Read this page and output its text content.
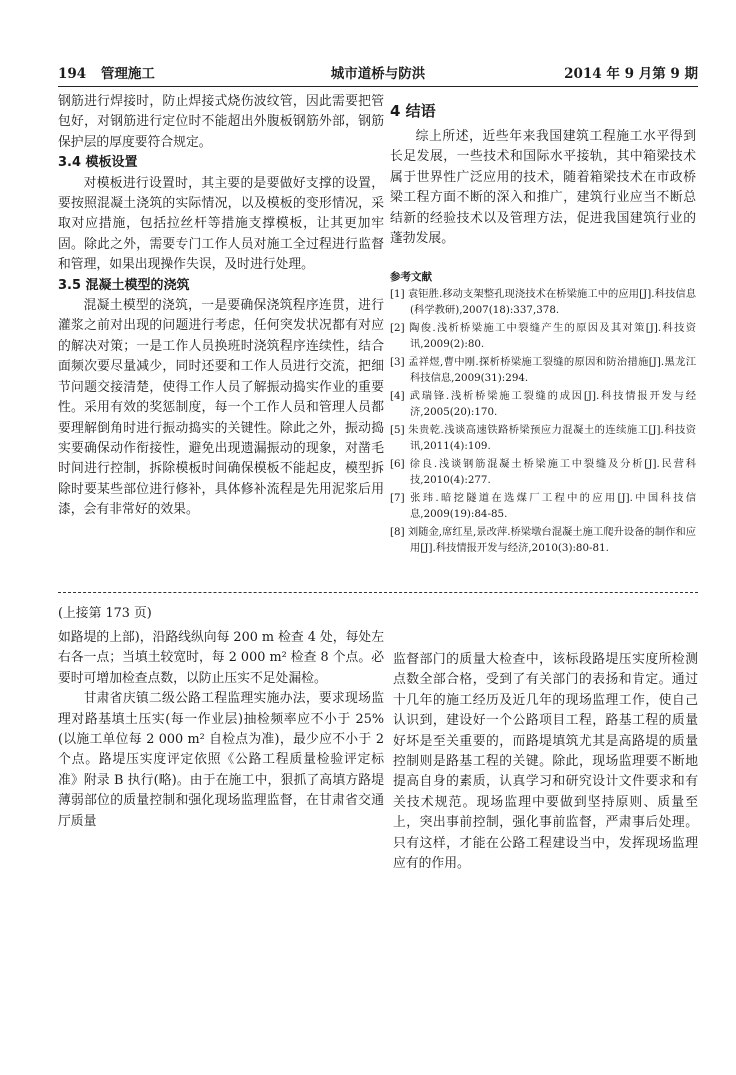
194 管理施工	城市道桥与防洪	2014 年 9 月第 9 期

钢筋进行焊接时，防止焊接式烧伤波纹管，因此需要把管包好，对钢筋进行定位时不能超出外腹板钢筋外部，钢筋保护层的厚度要符合规定。

3.4 模板设置

对模板进行设置时，其主要的是要做好支撑的设置，要按照混凝土浇筑的实际情况，以及模板的变形情况，采取对应措施，包括拉丝杆等措施支撑模板，让其更加牢固。除此之外，需要专门工作人员对施工全过程进行监督和管理，如果出现操作失误，及时进行处理。

3.5 混凝土模型的浇筑

混凝土模型的浇筑，一是要确保浇筑程序连贯，进行灌浆之前对出现的问题进行考虑，任何突发状况都有对应的解决对策；一是工作人员换班时浇筑程序连续性，结合面频次要尽量减少，同时还要和工作人员进行交流，把细节问题交接清楚，使得工作人员了解振动捣实作业的重要性。采用有效的奖惩制度，每一个工作人员和管理人员都要理解倒角时进行振动捣实的关键性。除此之外，振动捣实要确保动作衔接性，避免出现遗漏振动的现象，对凿毛时间进行控制，拆除模板时间确保模板不能起皮，模型拆除时要某些部位进行修补，具体修补流程是先用泥浆后用漆，会有非常好的效果。

4 结语

综上所述，近些年来我国建筑工程施工水平得到长足发展，一些技术和国际水平接轨，其中箱梁技术属于世界性广泛应用的技术，随着箱梁技术在市政桥梁工程方面不断的深入和推广，建筑行业应当不断总结新的经验技术以及管理方法，促进我国建筑行业的蓬勃发展。

参考文献

[1] 袁钜胜.移动支架整孔现浇技术在桥梁施工中的应用[J].科技信息(科学教研),2007(18):337,378.

[2] 陶俊.浅析桥梁施工中裂缝产生的原因及其对策[J].科技资讯,2009(2):80.

[3] 孟祥煜,曹中刚.探析桥梁施工裂缝的原因和防治措施[J].黑龙江科技信息,2009(31):294.

[4] 武瑞锋.浅析桥梁施工裂缝的成因[J].科技情报开发与经济,2005(20):170.

[5] 朱贵乾.浅谈高速铁路桥梁预应力混凝土的连续施工[J].科技资讯,2011(4):109.

[6] 徐良.浅谈钢筋混凝土桥梁施工中裂缝及分析[J].民营科技,2010(4):277.

[7] 张玮.暗挖隧道在选煤厂工程中的应用[J].中国科技信息,2009(19):84-85.

[8] 刘随金,席红星,景改萍.桥梁墩台混凝土施工爬升设备的制作和应用[J].科技情报开发与经济,2010(3):80-81.

(上接第 173 页)

如路堤的上部)，沿路线纵向每 200 m 检查 4 处，每处左右各一点；当填土较宽时，每 2 000 m² 检查 8 个点。必要时可增加检查点数，以防止压实不足处漏检。

甘肃省庆镇二级公路工程监理实施办法，要求现场监理对路基填土压实(每一作业层)抽检频率应不小于 25%(以施工单位每 2 000 m² 自检点为准)，最少应不小于 2 个点。路堤压实度评定依照《公路工程质量检验评定标准》附录 B 执行(略)。由于在施工中，狠抓了高填方路堤薄弱部位的质量控制和强化现场监理监督，在甘肃省交通厅质量

监督部门的质量大检查中，该标段路堤压实度所检测点数全部合格，受到了有关部门的表扬和肯定。通过十几年的施工经历及近几年的现场监理工作，使自己认识到，建设好一个公路项目工程，路基工程的质量好坏是至关重要的，而路堤填筑尤其是高路堤的质量控制则是路基工程的关键。除此，现场监理要不断地提高自身的素质，认真学习和研究设计文件要求和有关技术规范。现场监理中要做到坚持原则、质量至上，突出事前控制，强化事前监督，严肃事后处理。只有这样，才能在公路工程建设当中，发挥现场监理应有的作用。
